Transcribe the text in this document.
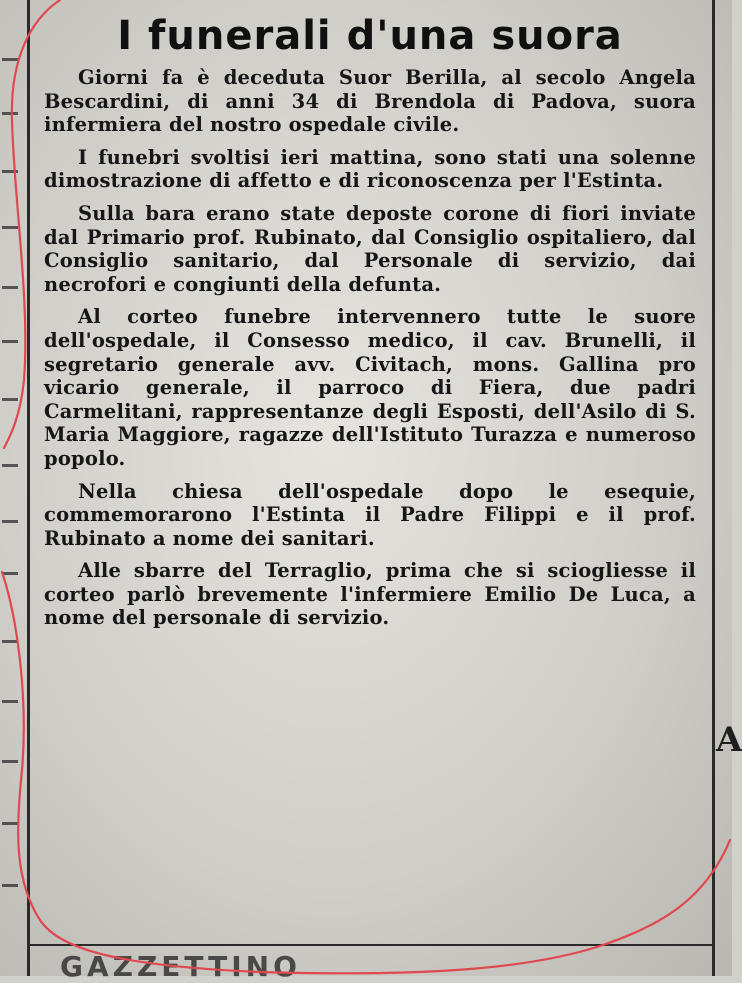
I funerali d'una suora

Giorni fa è deceduta Suor Berilla, al secolo Angela Bescardini, di anni 34 di Brendola di Padova, suora infermiera del nostro ospedale civile.

I funebri svoltisi ieri mattina, sono stati una solenne dimostrazione di affetto e di riconoscenza per l'Estinta.

Sulla bara erano state deposte corone di fiori inviate dal Primario prof. Rubinato, dal Consiglio ospitaliero, dal Consiglio sanitario, dal Personale di servizio, dai necrofori e congiunti della defunta.

Al corteo funebre intervennero tutte le suore dell'ospedale, il Consesso medico, il cav. Brunelli, il segretario generale avv. Civitach, mons. Gallina pro vicario generale, il parroco di Fiera, due padri Carmelitani, rappresentanze degli Esposti, dell'Asilo di S. Maria Maggiore, ragazze dell'Istituto Turazza e numeroso popolo.

Nella chiesa dell'ospedale dopo le esequie, commemorarono l'Estinta il Padre Filippi e il prof. Rubinato a nome dei sanitari.

Alle sbarre del Terraglio, prima che si sciogliesse il corteo parlò brevemente l'infermiere Emilio De Luca, a nome del personale di servizio.

A
GAZZETTINO
